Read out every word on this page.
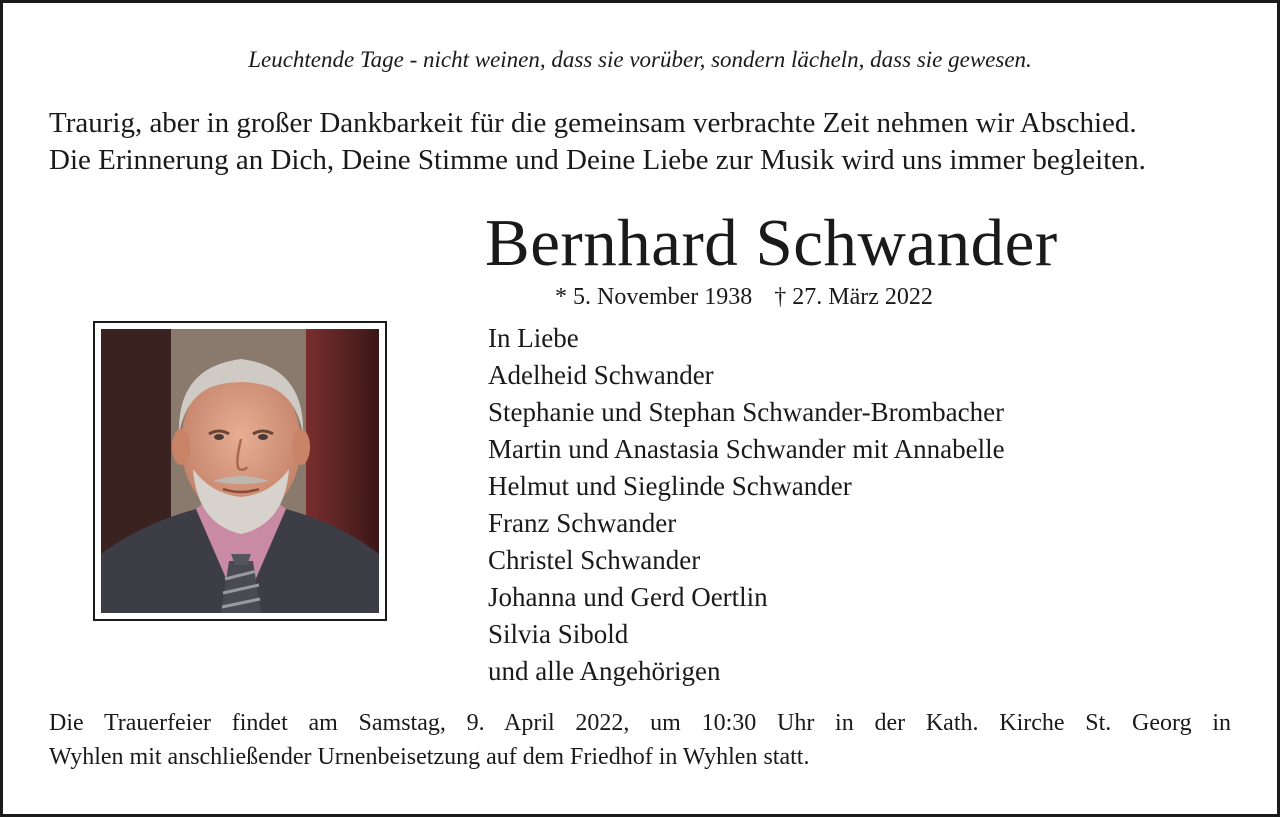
Leuchtende Tage - nicht weinen, dass sie vorüber, sondern lächeln, dass sie gewesen.
Traurig, aber in großer Dankbarkeit für die gemeinsam verbrachte Zeit nehmen wir Abschied.
Die Erinnerung an Dich, Deine Stimme und Deine Liebe zur Musik wird uns immer begleiten.
Bernhard Schwander
* 5. November 1938 † 27. März 2022
In Liebe
Adelheid Schwander
Stephanie und Stephan Schwander-Brombacher
Martin und Anastasia Schwander mit Annabelle
Helmut und Sieglinde Schwander
Franz Schwander
Christel Schwander
Johanna und Gerd Oertlin
Silvia Sibold
und alle Angehörigen
Die Trauerfeier findet am Samstag, 9. April 2022, um 10:30 Uhr in der Kath. Kirche St. Georg in
Wyhlen mit anschließender Urnenbeisetzung auf dem Friedhof in Wyhlen statt.
